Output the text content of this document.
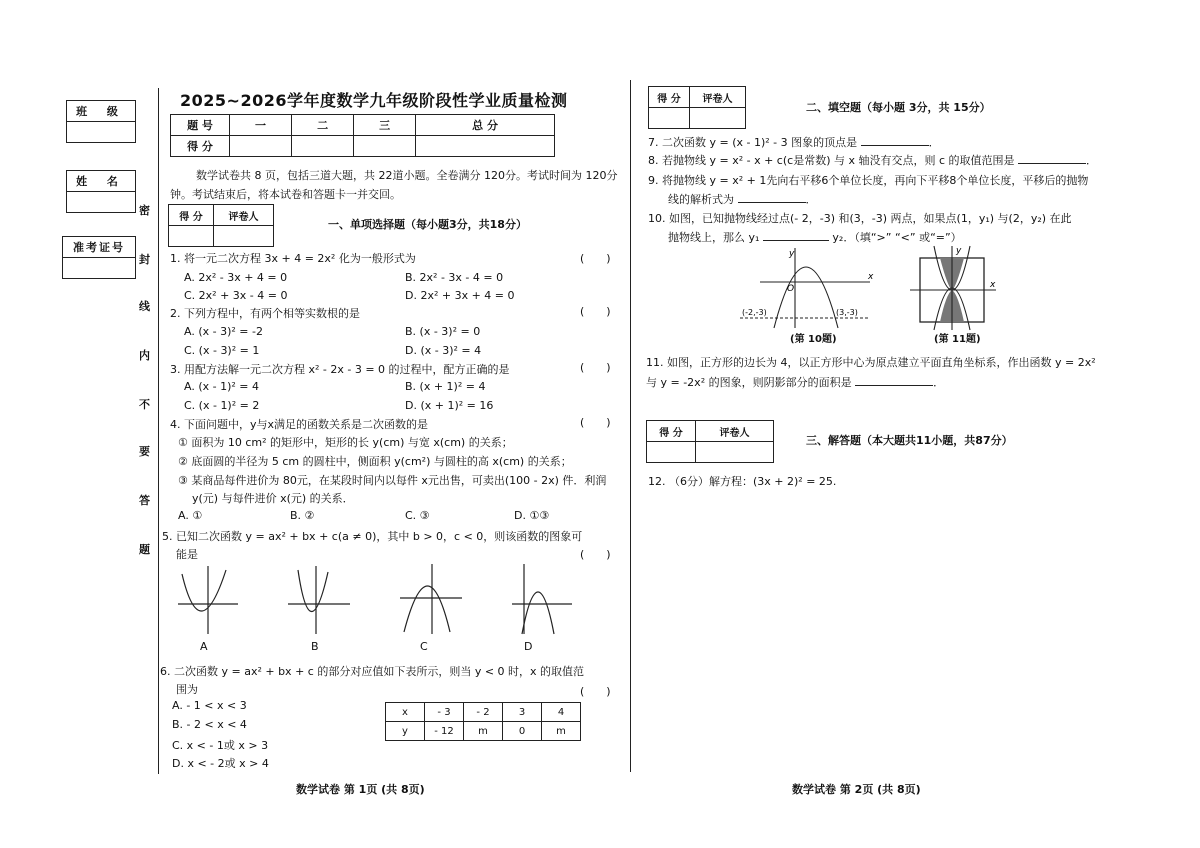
班 级
姓 名
准考证号
密
封
线
内
不
要
答
题
2025~2026学年度数学九年级阶段性学业质量检测
题 号	一	二	三	总 分
得 分				
数学试卷共 8 页，包括三道大题，共 22道小题。全卷满分 120分。考试时间为 120分
钟。考试结束后，将本试卷和答题卡一并交回。
得 分	评卷人

一、单项选择题（每小题3分，共18分）
1. 将一元二次方程 3x + 4 = 2x² 化为一般形式为	(　　)
A. 2x² - 3x + 4 = 0	B. 2x² - 3x - 4 = 0
C. 2x² + 3x - 4 = 0	D. 2x² + 3x + 4 = 0
2. 下列方程中，有两个相等实数根的是	(　　)
A. (x - 3)² = -2	B. (x - 3)² = 0
C. (x - 3)² = 1	D. (x - 3)² = 4
3. 用配方法解一元二次方程 x² - 2x - 3 = 0 的过程中，配方正确的是	(　　)
A. (x - 1)² = 4	B. (x + 1)² = 4
C. (x - 1)² = 2	D. (x + 1)² = 16
4. 下面问题中，y与x满足的函数关系是二次函数的是	(　　)
① 面积为 10 cm² 的矩形中，矩形的长 y(cm) 与宽 x(cm) 的关系；
② 底面圆的半径为 5 cm 的圆柱中，侧面积 y(cm²) 与圆柱的高 x(cm) 的关系；
③ 某商品每件进价为 80元，在某段时间内以每件 x元出售，可卖出(100 - 2x) 件．利润
y(元) 与每件进价 x(元) 的关系．
A. ①	B. ②	C. ③	D. ①③
5. 已知二次函数 y = ax² + bx + c(a ≠ 0)，其中 b > 0，c < 0，则该函数的图象可
能是	(　　)
A	B	C	D
6. 二次函数 y = ax² + bx + c 的部分对应值如下表所示，则当 y < 0 时，x 的取值范
围为	(　　)
A. - 1 < x < 3
B. - 2 < x < 4
C. x < - 1或 x > 3
D. x < - 2或 x > 4
x	- 3	- 2	3	4
y	- 12	m	0	m
数学试卷 第 1页 (共 8页)
得 分	评卷人

二、填空题（每小题 3分，共 15分）
7. 二次函数 y = (x - 1)² - 3 图象的顶点是	．
8. 若抛物线 y = x² - x + c(c是常数) 与 x 轴没有交点，则 c 的取值范围是	．
9. 将抛物线 y = x² + 1先向右平移6个单位长度，再向下平移8个单位长度，平移后的抛物
线的解析式为	．
10. 如图，已知抛物线经过点(- 2，-3) 和(3，-3) 两点，如果点(1，y₁) 与(2，y₂) 在此
抛物线上，那么 y₁	y₂．（填“>” “<” 或“=”）
y
x
O
(-2,-3)	(3,-3)
(第 10题)
y
x
(第 11题)
11. 如图，正方形的边长为 4，以正方形中心为原点建立平面直角坐标系，作出函数 y = 2x²
与 y = -2x² 的图象，则阴影部分的面积是	．
得 分	评卷人

三、解答题（本大题共11小题，共87分）
12. （6分）解方程：(3x + 2)² = 25.
数学试卷 第 2页 (共 8页)
